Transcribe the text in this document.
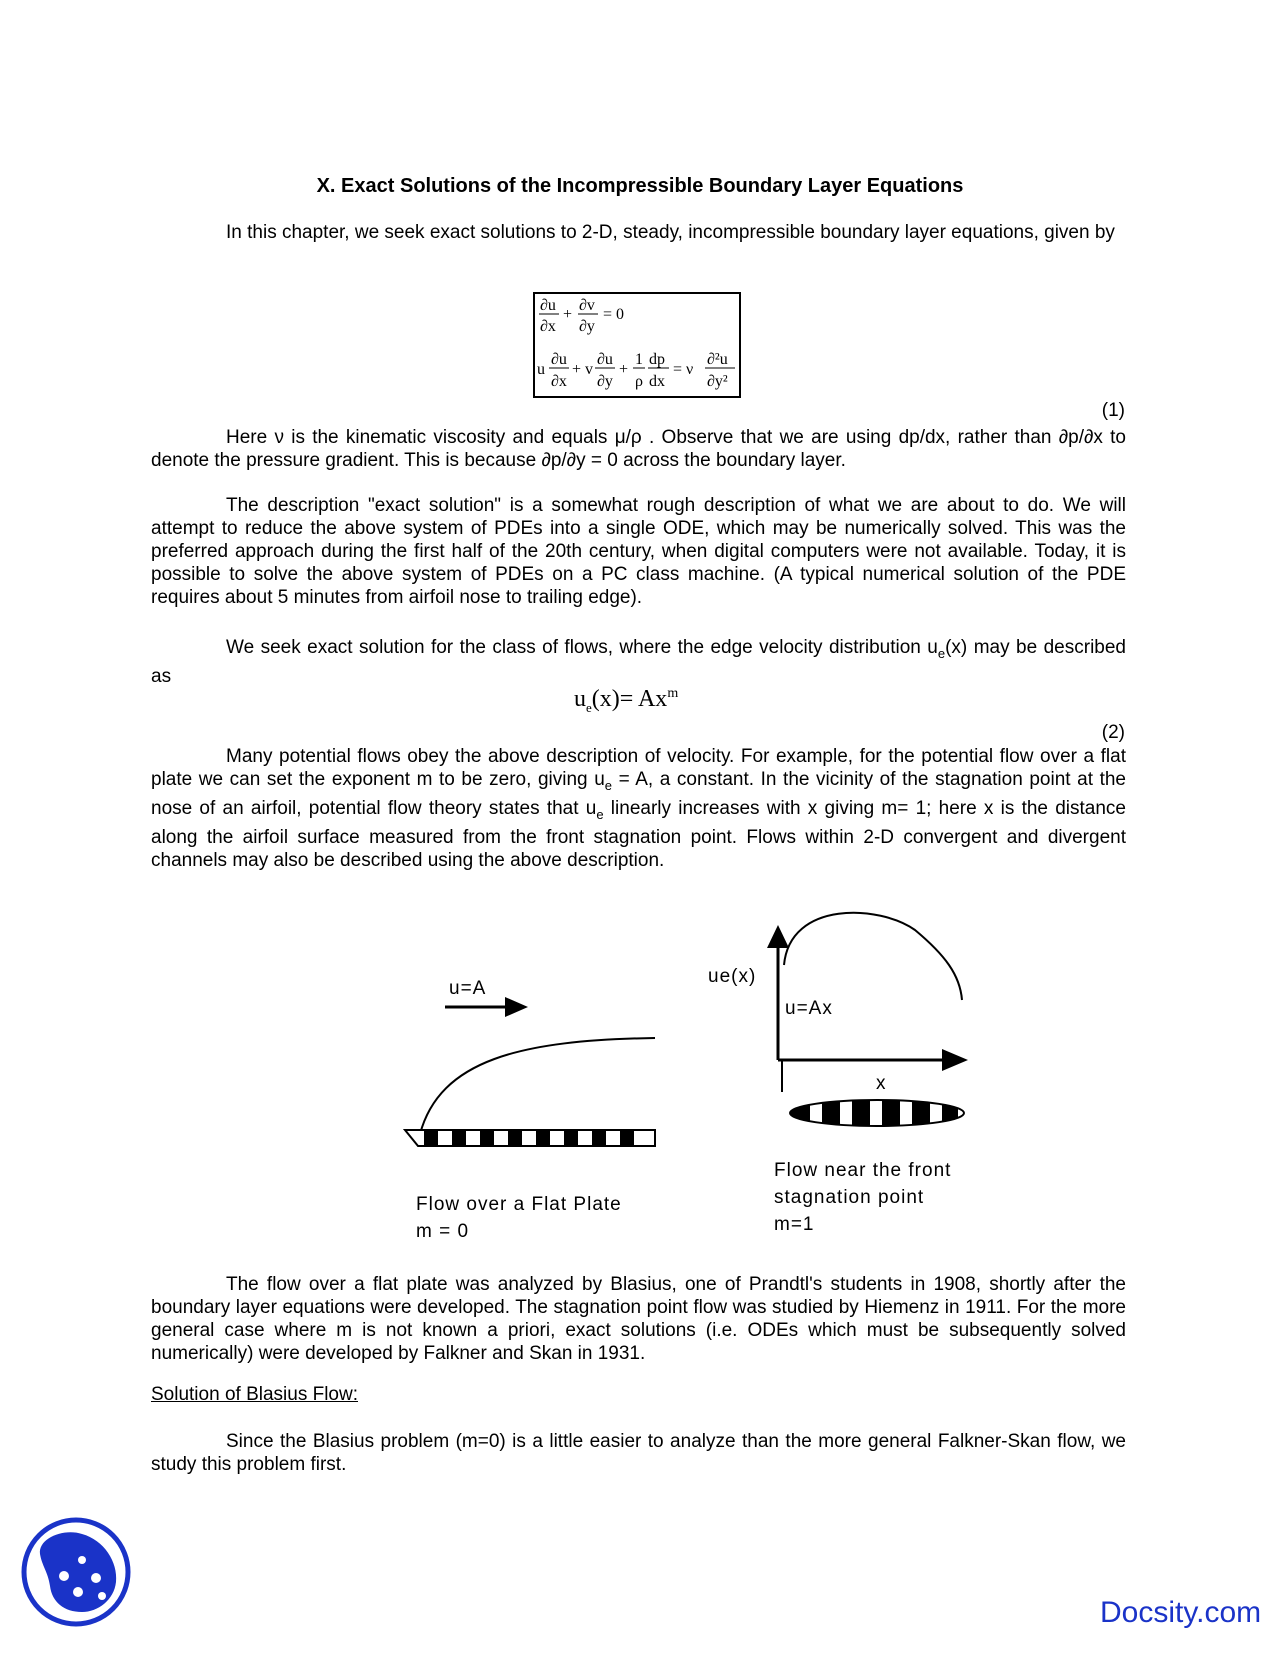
X. Exact Solutions of the Incompressible Boundary Layer Equations
In this chapter, we seek exact solutions to 2-D, steady, incompressible boundary layer equations, given by
∂u
∂x
+
∂v
∂y
= 0
u
∂u
∂x
+ v
∂u
∂y
+
1
ρ
dp
dx
= ν
∂²u
∂y²
(1)
Here ν is the kinematic viscosity and equals μ/ρ . Observe that we are using dp/dx, rather than ∂p/∂x to denote the pressure gradient. This is because ∂p/∂y = 0 across the boundary layer.
The description "exact solution" is a somewhat rough description of what we are about to do. We will attempt to reduce the above system of PDEs into a single ODE, which may be numerically solved. This was the preferred approach during the first half of the 20th century, when digital computers were not available. Today, it is possible to solve the above system of PDEs on a PC class machine. (A typical numerical solution of the PDE requires about 5 minutes from airfoil nose to trailing edge).
We seek exact solution for the class of flows, where the edge velocity distribution $u_e(x)$ may be described as
$u_e(x)= Ax^m$
(2)
Many potential flows obey the above description of velocity. For example, for the potential flow over a flat plate we can set the exponent m to be zero, giving $u_e = A$, a constant. In the vicinity of the stagnation point at the nose of an airfoil, potential flow theory states that $u_e$ linearly increases with x giving m= 1; here x is the distance along the airfoil surface measured from the front stagnation point. Flows within 2-D convergent and divergent channels may also be described using the above description.
u=A
Flow over a Flat Plate
m = 0
ue(x)
u=Ax
x
Flow near the front
stagnation point
m=1
The flow over a flat plate was analyzed by Blasius, one of Prandtl's students in 1908, shortly after the boundary layer equations were developed. The stagnation point flow was studied by Hiemenz in 1911. For the more general case where m is not known a priori, exact solutions (i.e. ODEs which must be subsequently solved numerically) were developed by Falkner and Skan in 1931.
Solution of Blasius Flow:
Since the Blasius problem (m=0) is a little easier to analyze than the more general Falkner-Skan flow, we study this problem first.
Docsity.com
